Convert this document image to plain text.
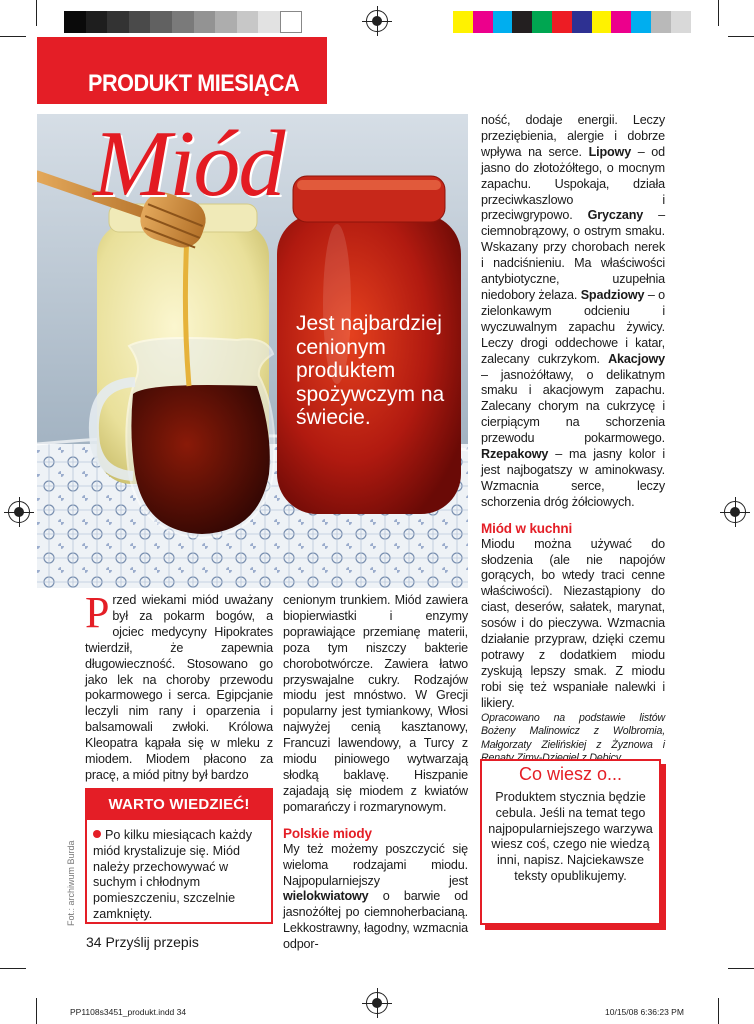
PRODUKT MIESIĄCA
Miód
Jest najbardziej cenionym produktem spożywczym na świecie.

Przed wiekami miód uważany był za pokarm bogów, a ojciec medycyny Hipokrates twierdził, że zapewnia długowieczność. Stosowano go jako lek na choroby przewodu pokarmowego i serca. Egipcjanie leczyli nim rany i oparzenia i balsamowali zwłoki. Królowa Kleopatra kąpała się w mleku z miodem. Miodem płacono za pracę, a miód pitny był bardzo

WARTO WIEDZIEĆ!
Po kilku miesiącach każdy miód krystalizuje się. Miód należy przechowywać w suchym i chłodnym pomieszczeniu, szczelnie zamknięty.

cenionym trunkiem. Miód zawiera biopierwiastki i enzymy poprawiające przemianę materii, poza tym niszczy bakterie chorobotwórcze. Zawiera łatwo przyswajalne cukry. Rodzajów miodu jest mnóstwo. W Grecji popularny jest tymiankowy, Włosi najwyżej cenią kasztanowy, Francuzi lawendowy, a Turcy z miodu piniowego wytwarzają słodką baklavę. Hiszpanie zajadają się miodem z kwiatów pomarańczy i rozmarynowym.

Polskie miody

My też możemy poszczycić się wieloma rodzajami miodu. Najpopularniejszy jest wielokwiatowy o barwie od jasnożółtej po ciemnoherbacianą. Lekkostrawny, łagodny, wzmacnia odpor-

ność, dodaje energii. Leczy przeziębienia, alergie i dobrze wpływa na serce. Lipowy – od jasno do złotożółtego, o mocnym zapachu. Uspokaja, działa przeciwkaszlowo i przeciwgrypowo. Gryczany – ciemnobrązowy, o ostrym smaku. Wskazany przy chorobach nerek i nadciśnieniu. Ma właściwości antybiotyczne, uzupełnia niedobory żelaza. Spadziowy – o zielonkawym odcieniu i wyczuwalnym zapachu żywicy. Leczy drogi oddechowe i katar, zalecany cukrzykom. Akacjowy – jasnożółtawy, o delikatnym smaku i akacjowym zapachu. Zalecany chorym na cukrzycę i cierpiącym na schorzenia przewodu pokarmowego. Rzepakowy – ma jasny kolor i jest najbogatszy w aminokwasy. Wzmacnia serce, leczy schorzenia dróg żółciowych.

Miód w kuchni

Miodu można używać do słodzenia (ale nie napojów gorących, bo wtedy traci cenne właściwości). Niezastąpiony do ciast, deserów, sałatek, marynat, sosów i do pieczywa. Wzmacnia działanie przypraw, dzięki czemu potrawy z dodatkiem miodu zyskują lepszy smak. Z miodu robi się też wspaniałe nalewki i likiery.

Opracowano na podstawie listów Bożeny Malinowicz z Wolbromia, Małgorzaty Zielińskiej z Żyznowa i

Co wiesz o...
Produktem stycznia będzie cebula. Jeśli na temat tego najpopularniejszego warzywa wiesz coś, czego nie wiedzą inni, napisz. Najciekawsze teksty opublikujemy.
Fot.: archiwum Burda
34 Przyślij przepis
PP1108s3451_produkt.indd 34	10/15/08 6:36:23 PM
